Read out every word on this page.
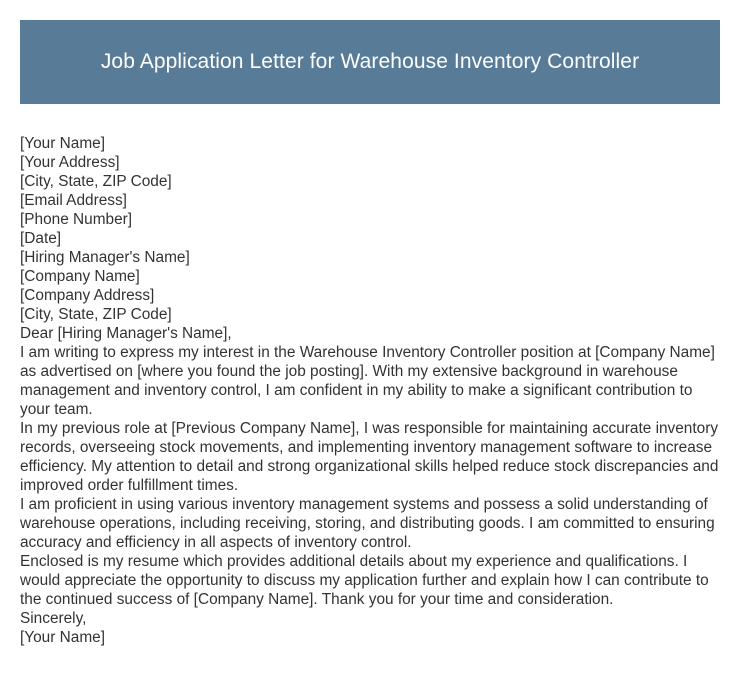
Job Application Letter for Warehouse Inventory Controller
[Your Name]
[Your Address]
[City, State, ZIP Code]
[Email Address]
[Phone Number]
[Date]
[Hiring Manager's Name]
[Company Name]
[Company Address]
[City, State, ZIP Code]
Dear [Hiring Manager's Name],
I am writing to express my interest in the Warehouse Inventory Controller position at [Company Name] as advertised on [where you found the job posting]. With my extensive background in warehouse management and inventory control, I am confident in my ability to make a significant contribution to your team.
In my previous role at [Previous Company Name], I was responsible for maintaining accurate inventory records, overseeing stock movements, and implementing inventory management software to increase efficiency. My attention to detail and strong organizational skills helped reduce stock discrepancies and improved order fulfillment times.
I am proficient in using various inventory management systems and possess a solid understanding of warehouse operations, including receiving, storing, and distributing goods. I am committed to ensuring accuracy and efficiency in all aspects of inventory control.
Enclosed is my resume which provides additional details about my experience and qualifications. I would appreciate the opportunity to discuss my application further and explain how I can contribute to the continued success of [Company Name]. Thank you for your time and consideration.
Sincerely,
[Your Name]
